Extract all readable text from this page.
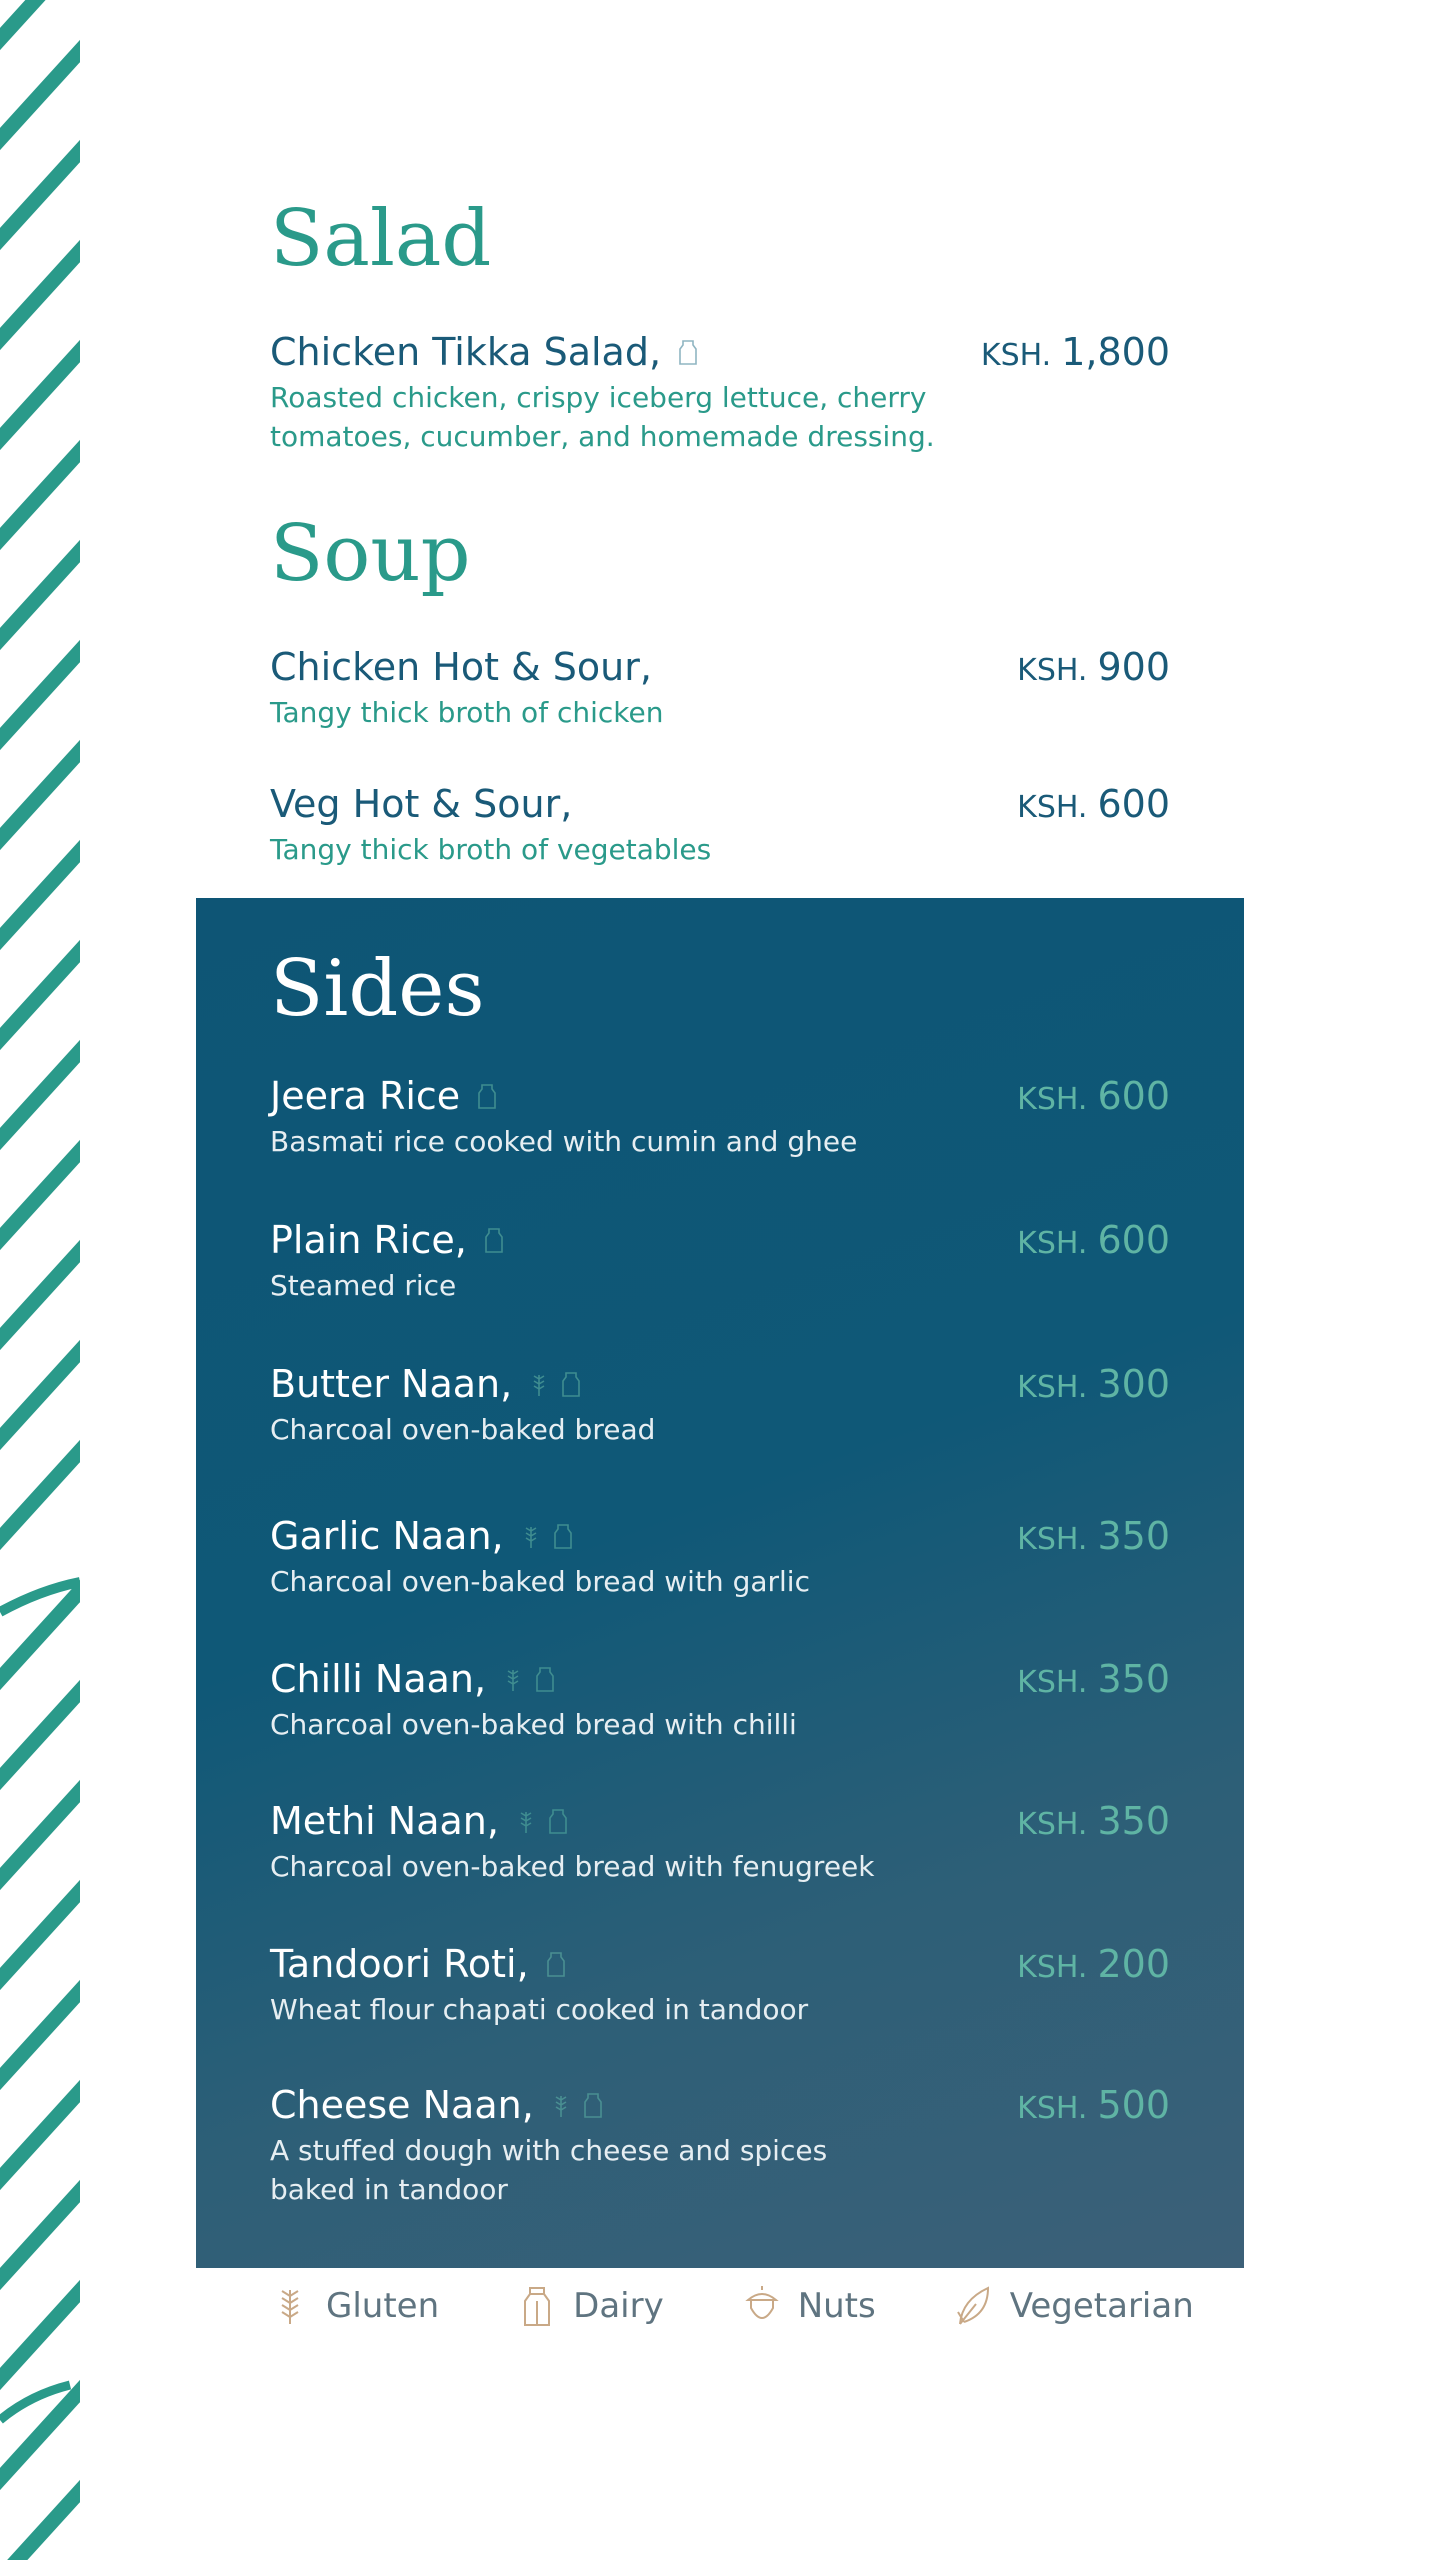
Salad
Chicken Tikka Salad,	KSH. 1,800
Roasted chicken, crispy iceberg lettuce, cherry tomatoes, cucumber, and homemade dressing.
Soup
Chicken Hot & Sour,	KSH. 900
Tangy thick broth of chicken
Veg Hot & Sour,	KSH. 600
Tangy thick broth of vegetables
Sides
Jeera Rice	KSH. 600
Basmati rice cooked with cumin and ghee
Plain Rice,	KSH. 600
Steamed rice
Butter Naan,	KSH. 300
Charcoal oven-baked bread
Garlic Naan,	KSH. 350
Charcoal oven-baked bread with garlic
Chilli Naan,	KSH. 350
Charcoal oven-baked bread with chilli
Methi Naan,	KSH. 350
Charcoal oven-baked bread with fenugreek
Tandoori Roti,	KSH. 200
Wheat flour chapati cooked in tandoor
Cheese Naan,	KSH. 500
A stuffed dough with cheese and spices baked in tandoor
Gluten	Dairy	Nuts	Vegetarian
